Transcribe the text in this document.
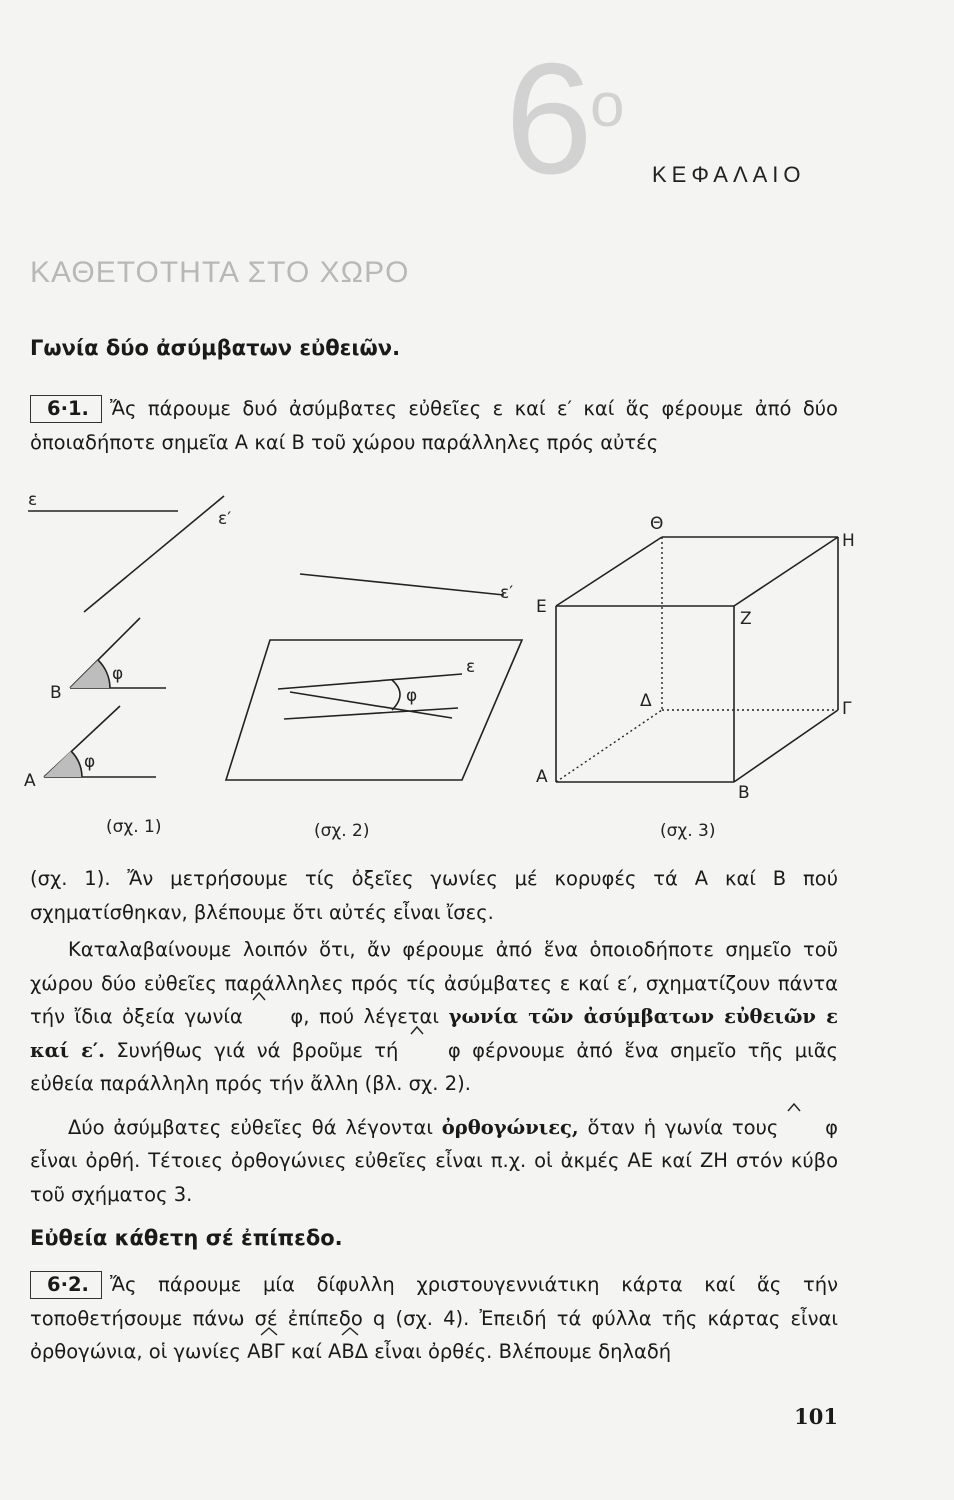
6
o
ΚΕΦΑΛΑΙΟ
ΚΑΘΕΤΟΤΗΤΑ ΣΤΟ ΧΩΡΟ
Γωνία δύο ἀσύμβατων εὐθειῶν.

6·1. Ἄς πάρουμε δυό ἀσύμβατες εὐθεῖες ε καί ε′ καί ἅς φέρουμε ἀπό δύο ὁποιαδήποτε σημεῖα Α καί Β τοῦ χώρου παράλληλες πρός αὐτές

ε
ε′
Β
φ
Α
φ
ε′
ε
φ
Θ
Η
Ε
Ζ
Δ	Γ
Α
Β
(σχ. 1)	(σχ. 2)	(σχ. 3)

(σχ. 1). Ἄν μετρήσουμε τίς ὀξεῖες γωνίες μέ κορυφές τά Α καί Β πού σχηματίσθηκαν, βλέπουμε ὅτι αὐτές εἶναι ἴσες.

Καταλαβαίνουμε λοιπόν ὅτι, ἄν φέρουμε ἀπό ἕνα ὁποιοδήποτε σημεῖο τοῦ χώρου δύο εὐθεῖες παράλληλες πρός τίς ἀσύμβατες ε καί ε′, σχηματίζουν πάντα τήν ἴδια ὀξεία γωνία φ, πού λέγεται γωνία τῶν ἀσύμβατων εὐθειῶν ε καί ε′. Συνήθως γιά νά βροῦμε τή	φ φέρνουμε ἀπό ἕνα σημεῖο τῆς μιᾶς εὐθεία παράλληλη πρός τήν ἄλλη (βλ. σχ. 2).

Δύο ἀσύμβατες εὐθεῖες θά λέγονται ὀρθογώνιες, ὅταν ἡ γωνία τους φ εἶναι ὀρθή. Τέτοιες ὀρθογώνιες εὐθεῖες εἶναι π.χ. οἱ ἀκμές ΑΕ καί ΖΗ στόν κύβο τοῦ σχήματος 3.

Εὐθεία κάθετη σέ ἐπίπεδο.

6·2. Ἄς πάρουμε μία δίφυλλη χριστουγεννιάτικη κάρτα καί ἅς τήν τοποθετήσουμε πάνω σέ ἐπίπεδο q (σχ. 4). Ἐπειδή τά φύλλα τῆς κάρτας εἶναι ὀρθογώνια, οἱ γωνίες ΑΒΓ καί ΑΒΔ εἶναι ὀρθές. Βλέπουμε δηλαδή

101
